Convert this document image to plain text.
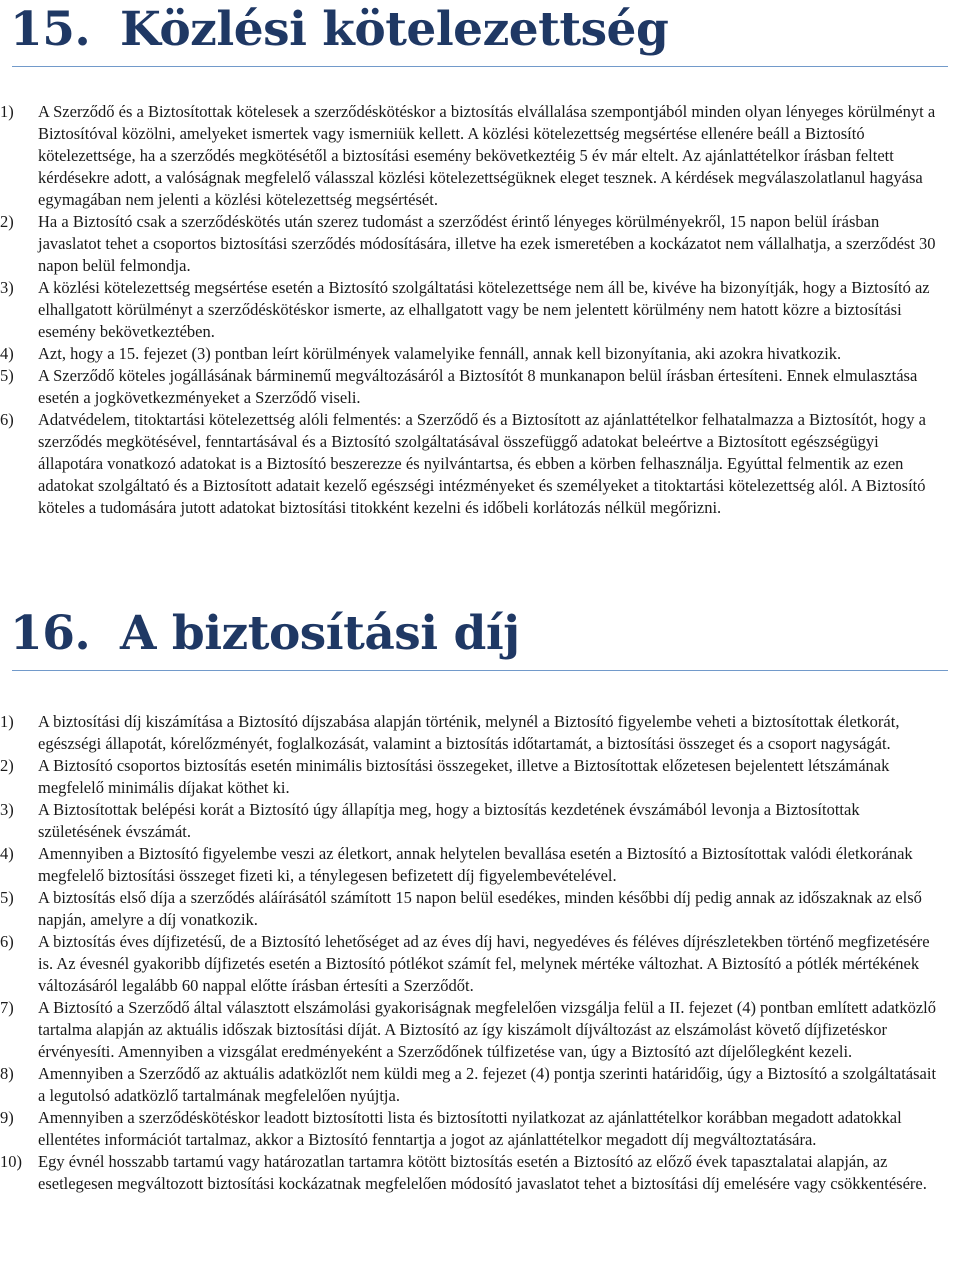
15. Közlési kötelezettség
1)	A Szerződő és a Biztosítottak kötelesek a szerződéskötéskor a biztosítás elvállalása szempontjából minden olyan lényeges körülményt a Biztosítóval közölni, amelyeket ismertek vagy ismerniük kellett. A közlési kötelezettség megsértése ellenére beáll a Biztosító kötelezettsége, ha a szerződés megkötésétől a biztosítási esemény bekövetkeztéig 5 év már eltelt. Az ajánlattételkor írásban feltett kérdésekre adott, a valóságnak megfelelő válasszal közlési kötelezettségüknek eleget tesznek. A kérdések megválaszolatlanul hagyása egymagában nem jelenti a közlési kötelezettség megsértését.
2)	Ha a Biztosító csak a szerződéskötés után szerez tudomást a szerződést érintő lényeges körülményekről, 15 napon belül írásban javaslatot tehet a csoportos biztosítási szerződés módosítására, illetve ha ezek ismeretében a kockázatot nem vállalhatja, a szerződést 30 napon belül felmondja.
3)	A közlési kötelezettség megsértése esetén a Biztosító szolgáltatási kötelezettsége nem áll be, kivéve ha bizonyítják, hogy a Biztosító az elhallgatott körülményt a szerződéskötéskor ismerte, az elhallgatott vagy be nem jelentett körülmény nem hatott közre a biztosítási esemény bekövetkeztében.
4)	Azt, hogy a 15. fejezet (3) pontban leírt körülmények valamelyike fennáll, annak kell bizonyítania, aki azokra hivatkozik.
5)	A Szerződő köteles jogállásának bárminemű megváltozásáról a Biztosítót 8 munkanapon belül írásban értesíteni. Ennek elmulasztása esetén a jogkövetkezményeket a Szerződő viseli.
6)	Adatvédelem, titoktartási kötelezettség alóli felmentés: a Szerződő és a Biztosított az ajánlattételkor felhatalmazza a Biztosítót, hogy a szerződés megkötésével, fenntartásával és a Biztosító szolgáltatásával összefüggő adatokat beleértve a Biztosított egészségügyi állapotára vonatkozó adatokat is a Biztosító beszerezze és nyilvántartsa, és ebben a körben felhasználja. Egyúttal felmentik az ezen adatokat szolgáltató és a Biztosított adatait kezelő egészségi intézményeket és személyeket a titoktartási kötelezettség alól. A Biztosító köteles a tudomására jutott adatokat biztosítási titokként kezelni és időbeli korlátozás nélkül megőrizni.
16. A biztosítási díj
1)	A biztosítási díj kiszámítása a Biztosító díjszabása alapján történik, melynél a Biztosító figyelembe veheti a biztosítottak életkorát, egészségi állapotát, kórelőzményét, foglalkozását, valamint a biztosítás időtartamát, a biztosítási összeget és a csoport nagyságát.
2)	A Biztosító csoportos biztosítás esetén minimális biztosítási összegeket, illetve a Biztosítottak előzetesen bejelentett létszámának megfelelő minimális díjakat köthet ki.
3)	A Biztosítottak belépési korát a Biztosító úgy állapítja meg, hogy a biztosítás kezdetének évszámából levonja a Biztosítottak születésének évszámát.
4)	Amennyiben a Biztosító figyelembe veszi az életkort, annak helytelen bevallása esetén a Biztosító a Biztosítottak valódi életkorának megfelelő biztosítási összeget fizeti ki, a ténylegesen befizetett díj figyelembevételével.
5)	A biztosítás első díja a szerződés aláírásától számított 15 napon belül esedékes, minden későbbi díj pedig annak az időszaknak az első napján, amelyre a díj vonatkozik.
6)	A biztosítás éves díjfizetésű, de a Biztosító lehetőséget ad az éves díj havi, negyedéves és féléves díjrészletekben történő megfizetésére is. Az évesnél gyakoribb díjfizetés esetén a Biztosító pótlékot számít fel, melynek mértéke változhat. A Biztosító a pótlék mértékének változásáról legalább 60 nappal előtte írásban értesíti a Szerződőt.
7)	A Biztosító a Szerződő által választott elszámolási gyakoriságnak megfelelően vizsgálja felül a II. fejezet (4) pontban említett adatközlő tartalma alapján az aktuális időszak biztosítási díját. A Biztosító az így kiszámolt díjváltozást az elszámolást követő díjfizetéskor érvényesíti. Amennyiben a vizsgálat eredményeként a Szerződőnek túlfizetése van, úgy a Biztosító azt díjelőlegként kezeli.
8)	Amennyiben a Szerződő az aktuális adatközlőt nem küldi meg a 2. fejezet (4) pontja szerinti határidőig, úgy a Biztosító a szolgáltatásait a legutolsó adatközlő tartalmának megfelelően nyújtja.
9)	Amennyiben a szerződéskötéskor leadott biztosítotti lista és biztosítotti nyilatkozat az ajánlattételkor korábban megadott adatokkal ellentétes információt tartalmaz, akkor a Biztosító fenntartja a jogot az ajánlattételkor megadott díj megváltoztatására.
10) Egy évnél hosszabb tartamú vagy határozatlan tartamra kötött biztosítás esetén a Biztosító az előző évek tapasztalatai alapján, az esetlegesen megváltozott biztosítási kockázatnak megfelelően módosító javaslatot tehet a biztosítási díj emelésére vagy csökkentésére.
